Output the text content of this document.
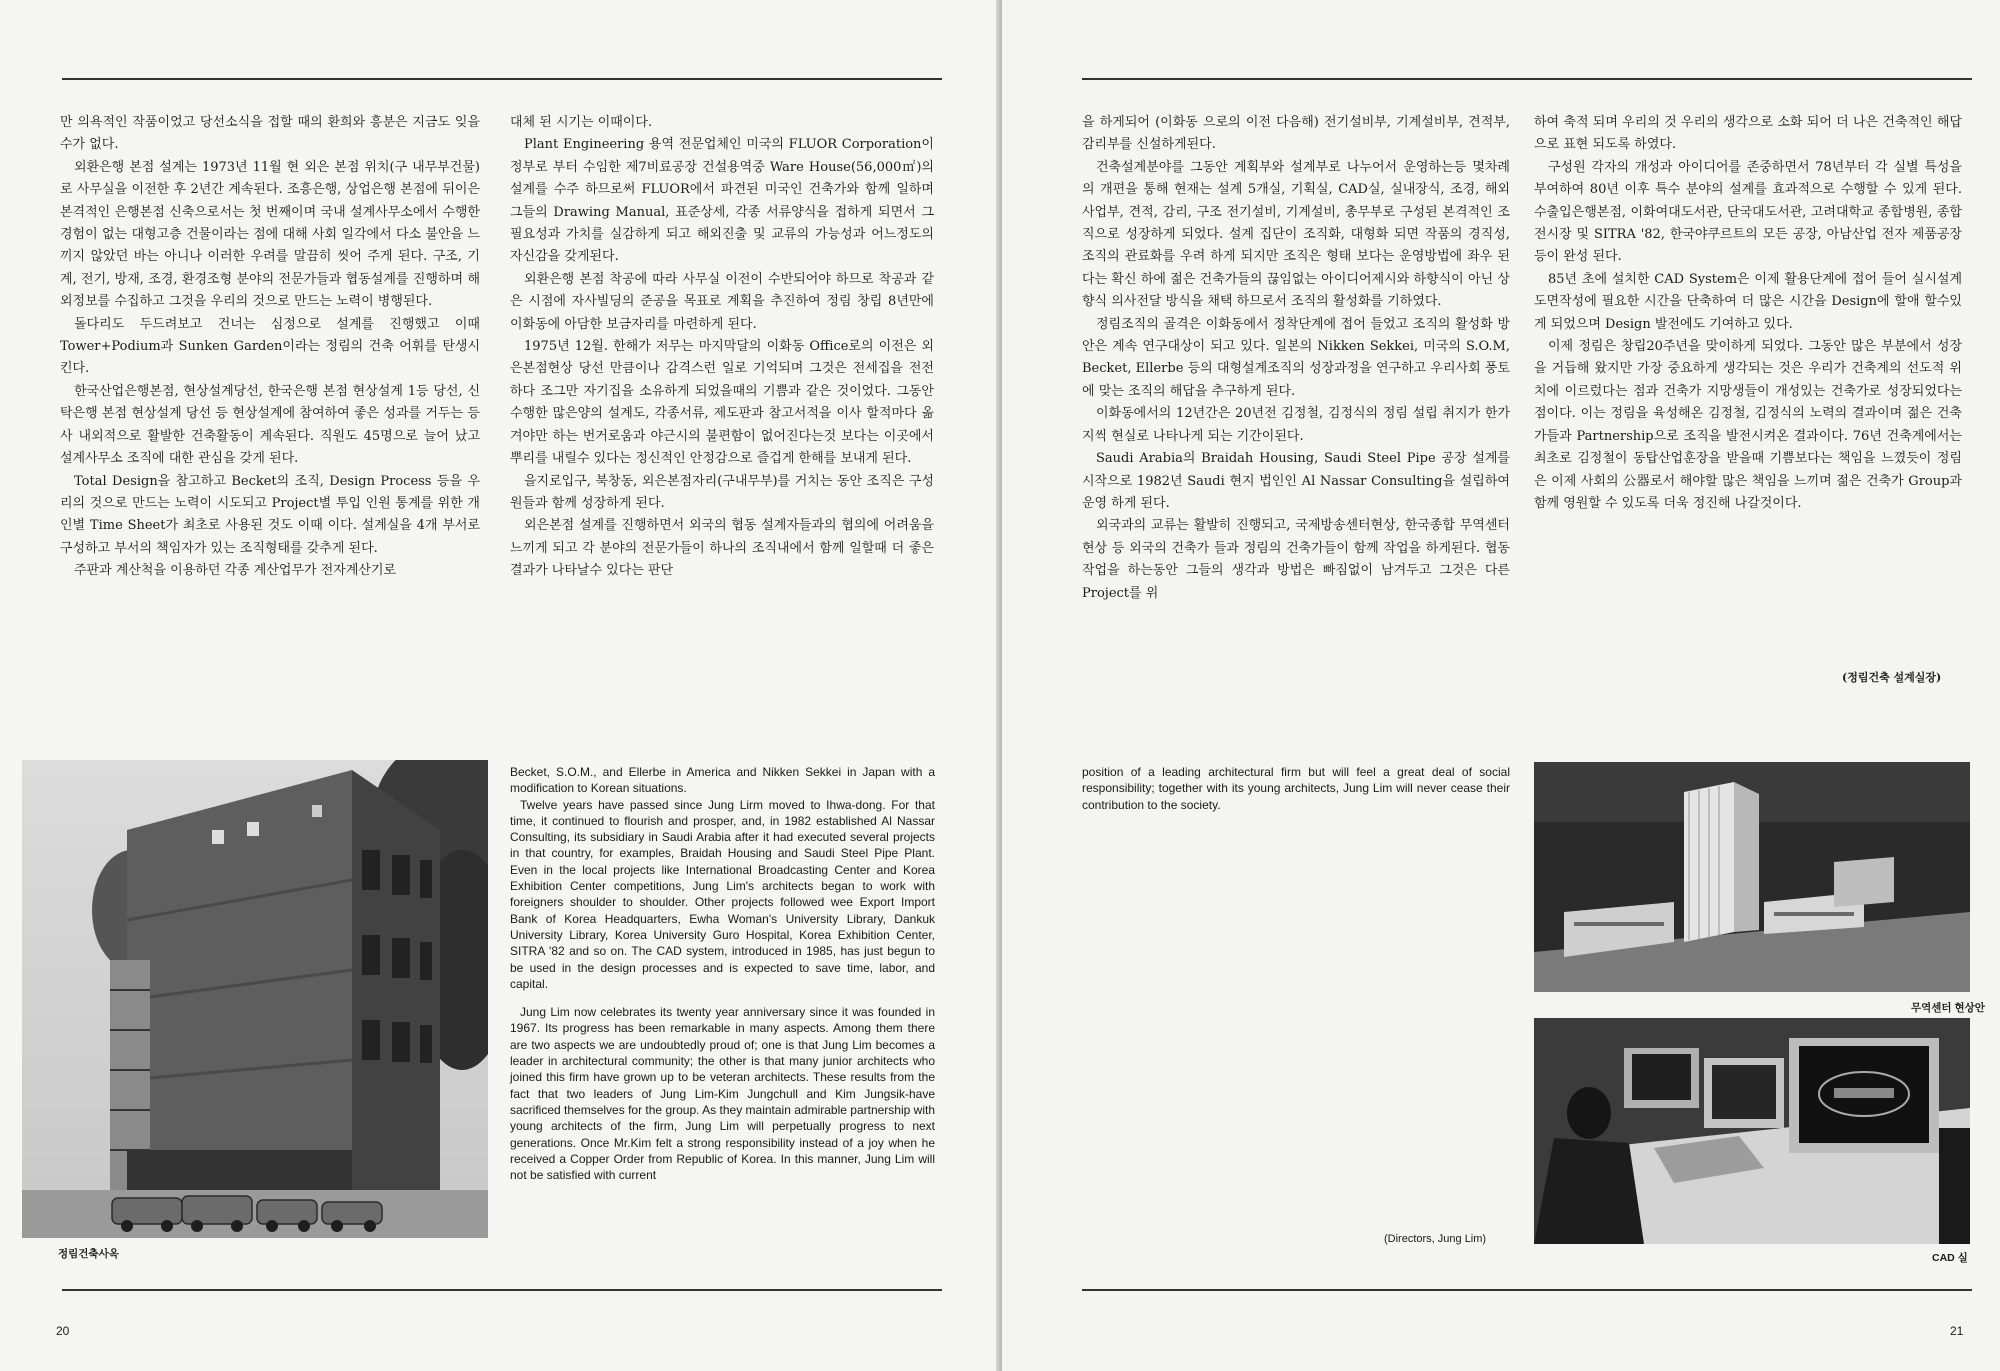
만 의욕적인 작품이었고 당선소식을 접할 때의 환희와 흥분은 지금도 잊을 수가 없다.

외환은행 본점 설계는 1973년 11월 현 외은 본점 위치(구 내무부건물)로 사무실을 이전한 후 2년간 계속된다. 조흥은행, 상업은행 본점에 뒤이은 본격적인 은행본점 신축으로서는 첫 번째이며 국내 설계사무소에서 수행한 경험이 없는 대형고층 건물이라는 점에 대해 사회 일각에서 다소 불안을 느끼지 않았던 바는 아니나 이러한 우려를 말끔히 씻어 주게 된다. 구조, 기계, 전기, 방재, 조경, 환경조형 분야의 전문가들과 협동설계를 진행하며 해외정보를 수집하고 그것을 우리의 것으로 만드는 노력이 병행된다.

돌다리도 두드려보고 건너는 심정으로 설계를 진행했고 이때 Tower+Podium과 Sunken Garden이라는 정림의 건축 어휘를 탄생시킨다.

한국산업은행본점, 현상설계당선, 한국은행 본점 현상설계 1등 당선, 신탁은행 본점 현상설계 당선 등 현상설계에 참여하여 좋은 성과를 거두는 등 사 내외적으로 활발한 건축활동이 계속된다. 직원도 45명으로 늘어 났고 설계사무소 조직에 대한 관심을 갖게 된다.

Total Design을 참고하고 Becket의 조직, Design Process 등을 우리의 것으로 만드는 노력이 시도되고 Project별 투입 인원 통계를 위한 개인별 Time Sheet가 최초로 사용된 것도 이때 이다. 설계실을 4개 부서로 구성하고 부서의 책임자가 있는 조직형태를 갖추게 된다.

주판과 계산척을 이용하던 각종 계산업무가 전자계산기로

대체 된 시기는 이때이다.

Plant Engineering 용역 전문업체인 미국의 FLUOR Corporation이 정부로 부터 수임한 제7비료공장 건설용역중 Ware House(56,000㎡)의 설계를 수주 하므로써 FLUOR에서 파견된 미국인 건축가와 함께 일하며 그들의 Drawing Manual, 표준상세, 각종 서류양식을 접하게 되면서 그 필요성과 가치를 실감하게 되고 해외진출 및 교류의 가능성과 어느정도의 자신감을 갖게된다.

외환은행 본점 착공에 따라 사무실 이전이 수반되어야 하므로 착공과 같은 시점에 자사빌딩의 준공을 목표로 계획을 추진하여 정림 창립 8년만에 이화동에 아담한 보금자리를 마련하게 된다.

1975년 12월. 한해가 저무는 마지막달의 이화동 Office로의 이전은 외은본점현상 당선 만큼이나 감격스런 일로 기억되며 그것은 전세집을 전전 하다 조그만 자기집을 소유하게 되었을때의 기쁨과 같은 것이었다. 그동안 수행한 많은양의 설계도, 각종서류, 제도판과 참고서적을 이사 할적마다 옮겨야만 하는 번거로움과 야근시의 불편함이 없어진다는것 보다는 이곳에서 뿌리를 내릴수 있다는 정신적인 안정감으로 즐겁게 한해를 보내게 된다.

을지로입구, 북창동, 외은본점자리(구내무부)를 거치는 동안 조직은 구성원들과 함께 성장하게 된다.

외은본점 설계를 진행하면서 외국의 협동 설계자들과의 협의에 어려움을 느끼게 되고 각 분야의 전문가들이 하나의 조직내에서 함께 일할때 더 좋은 결과가 나타날수 있다는 판단

정림건축사옥

Becket, S.O.M., and Ellerbe in America and Nikken Sekkei in Japan with a modification to Korean situations.

Twelve years have passed since Jung Lirm moved to Ihwa-dong. For that time, it continued to flourish and prosper, and, in 1982 established Al Nassar Consulting, its subsidiary in Saudi Arabia after it had executed several projects in that country, for examples, Braidah Housing and Saudi Steel Pipe Plant. Even in the local projects like International Broadcasting Center and Korea Exhibition Center competitions, Jung Lim's architects began to work with foreigners shoulder to shoulder. Other projects followed wee Export Import Bank of Korea Headquarters, Ewha Woman's University Library, Dankuk University Library, Korea University Guro Hospital, Korea Exhibition Center, SITRA '82 and so on. The CAD system, introduced in 1985, has just begun to be used in the design processes and is expected to save time, labor, and capital.

Jung Lim now celebrates its twenty year anniversary since it was founded in 1967. Its progress has been remarkable in many aspects. Among them there are two aspects we are undoubtedly proud of; one is that Jung Lim becomes a leader in architectural community; the other is that many junior architects who joined this firm have grown up to be veteran architects. These results from the fact that two leaders of Jung Lim-Kim Jungchull and Kim Jungsik-have sacrificed themselves for the group. As they maintain admirable partnership with young architects of the firm, Jung Lim will perpetually progress to next generations. Once Mr.Kim felt a strong responsibility instead of a joy when he received a Copper Order from Republic of Korea. In this manner, Jung Lim will not be satisfied with current

20

을 하게되어 (이화동 으로의 이전 다음해) 전기설비부, 기계설비부, 견적부, 감리부를 신설하게된다.

건축설계분야를 그동안 계획부와 설계부로 나누어서 운영하는등 몇차례의 개편을 통해 현재는 설계 5개실, 기획실, CAD실, 실내장식, 조경, 해외 사업부, 견적, 감리, 구조 전기설비, 기계설비, 총무부로 구성된 본격적인 조직으로 성장하게 되었다. 설계 집단이 조직화, 대형화 되면 작품의 경직성, 조직의 관료화를 우려 하게 되지만 조직은 형태 보다는 운영방법에 좌우 된다는 확신 하에 젊은 건축가들의 끊임없는 아이디어제시와 하향식이 아닌 상향식 의사전달 방식을 채택 하므로서 조직의 활성화를 기하였다.

정림조직의 골격은 이화동에서 정착단계에 접어 들었고 조직의 활성화 방안은 계속 연구대상이 되고 있다. 일본의 Nikken Sekkei, 미국의 S.O.M, Becket, Ellerbe 등의 대형설계조직의 성장과정을 연구하고 우리사회 풍토에 맞는 조직의 해답을 추구하게 된다.

이화동에서의 12년간은 20년전 김정철, 김정식의 정림 설립 취지가 한가지씩 현실로 나타나게 되는 기간이된다.

Saudi Arabia의 Braidah Housing, Saudi Steel Pipe 공장 설계를 시작으로 1982년 Saudi 현지 법인인 Al Nassar Consulting을 설립하여 운영 하게 된다.

외국과의 교류는 활발히 진행되고, 국제방송센터현상, 한국종합 무역센터현상 등 외국의 건축가 들과 정림의 건축가들이 함께 작업을 하게된다. 협동작업을 하는동안 그들의 생각과 방법은 빠짐없이 남겨두고 그것은 다른 Project를 위

하여 축적 되며 우리의 것 우리의 생각으로 소화 되어 더 나은 건축적인 해답으로 표현 되도록 하였다.

구성원 각자의 개성과 아이디어를 존중하면서 78년부터 각 실별 특성을 부여하여 80년 이후 특수 분야의 설계를 효과적으로 수행할 수 있게 된다. 수출입은행본점, 이화여대도서관, 단국대도서관, 고려대학교 종합병원, 종합전시장 및 SITRA '82, 한국야쿠르트의 모든 공장, 아남산업 전자 제품공장 등이 완성 된다.

85년 초에 설치한 CAD System은 이제 활용단계에 접어 들어 실시설계 도면작성에 필요한 시간을 단축하여 더 많은 시간을 Design에 할애 할수있게 되었으며 Design 발전에도 기여하고 있다.

이제 정림은 창립20주년을 맞이하게 되었다. 그동안 많은 부분에서 성장을 거듭해 왔지만 가장 중요하게 생각되는 것은 우리가 건축계의 선도적 위치에 이르렀다는 점과 건축가 지망생들이 개성있는 건축가로 성장되었다는 점이다. 이는 정림을 육성해온 김정철, 김정식의 노력의 결과이며 젊은 건축가들과 Partnership으로 조직을 발전시켜온 결과이다. 76년 건축계에서는 최초로 김정철이 동탑산업훈장을 받을때 기쁨보다는 책임을 느꼈듯이 정림은 이제 사회의 公器로서 해야할 많은 책임을 느끼며 젊은 건축가 Group과 함께 영원할 수 있도록 더욱 정진해 나갈것이다.

(정림건축 설계실장)

position of a leading architectural firm but will feel a great deal of social responsibility; together with its young architects, Jung Lim will never cease their contribution to the society.

(Directors, Jung Lim)
무역센터 현상안
CAD 실
21
